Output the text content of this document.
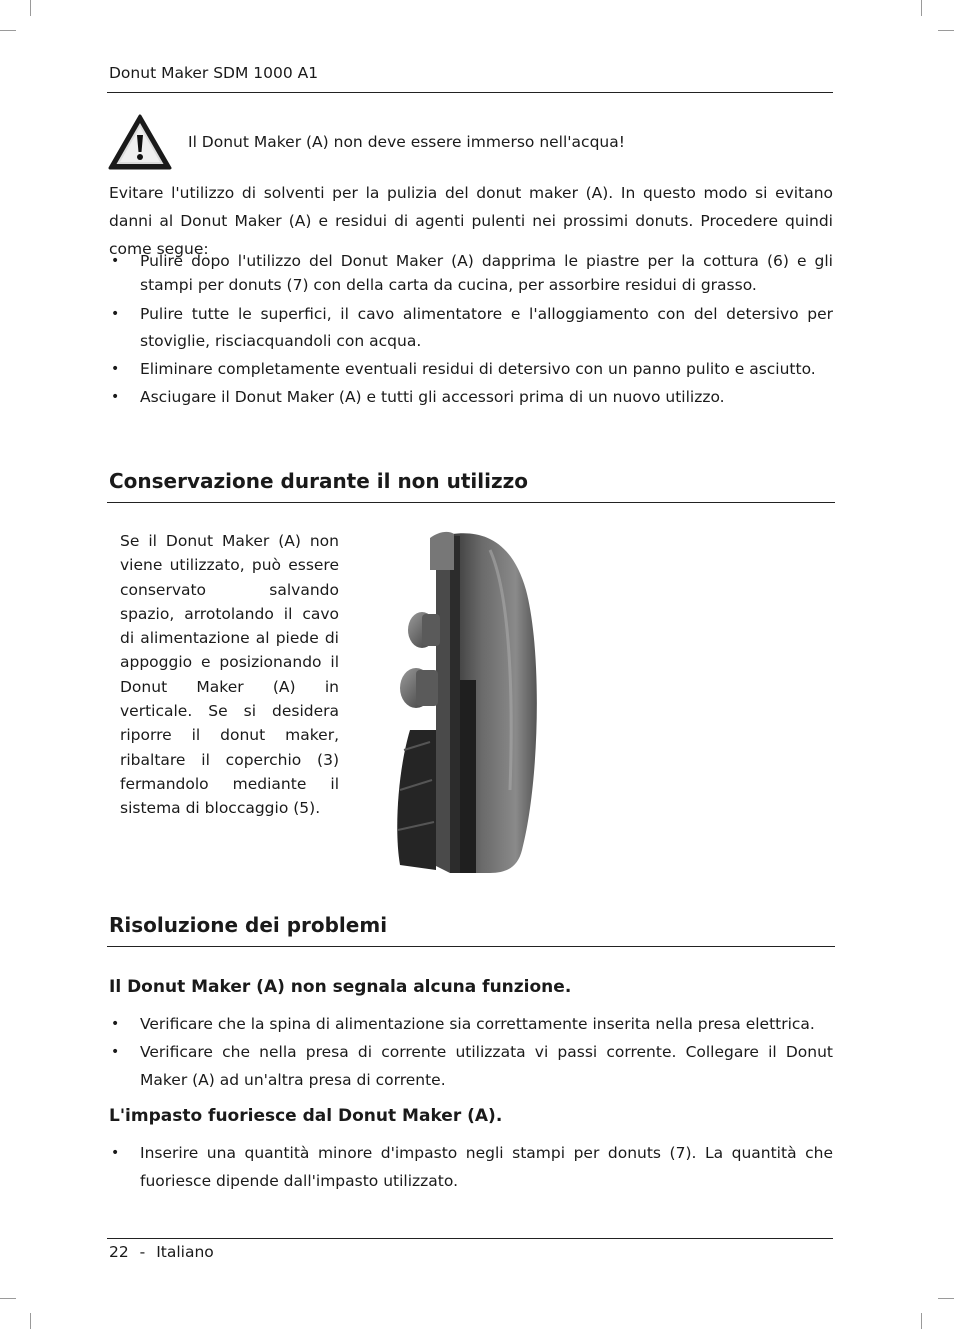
Donut Maker SDM 1000 A1
Il Donut Maker (A) non deve essere immerso nell'acqua!

Evitare l'utilizzo di solventi per la pulizia del donut maker (A). In questo modo si evitano danni al Donut Maker (A) e residui di agenti pulenti nei prossimi donuts. Procedere quindi come segue:

• Pulire dopo l'utilizzo del Donut Maker (A) dapprima le piastre per la cottura (6) e gli stampi per donuts (7) con della carta da cucina, per assorbire residui di grasso.
• Pulire tutte le superfici, il cavo alimentatore e l'alloggiamento con del detersivo per stoviglie, risciacquandoli con acqua.
• Eliminare completamente eventuali residui di detersivo con un panno pulito e asciutto.
• Asciugare il Donut Maker (A) e tutti gli accessori prima di un nuovo utilizzo.
Conservazione durante il non utilizzo

Se il Donut Maker (A) non viene utilizzato, può essere conservato salvando spazio, arrotolando il cavo di alimentazione al piede di appoggio e posizionando il Donut Maker (A) in verticale. Se si desidera riporre il donut maker, ribaltare il coperchio (3) fermandolo mediante il sistema di bloccaggio (5).

Risoluzione dei problemi
Il Donut Maker (A) non segnala alcuna funzione.
• Verificare che la spina di alimentazione sia correttamente inserita nella presa elettrica.
• Verificare che nella presa di corrente utilizzata vi passi corrente. Collegare il Donut Maker (A) ad un'altra presa di corrente.
L'impasto fuoriesce dal Donut Maker (A).
• Inserire una quantità minore d'impasto negli stampi per donuts (7). La quantità che fuoriesce dipende dall'impasto utilizzato.
22 - Italiano
